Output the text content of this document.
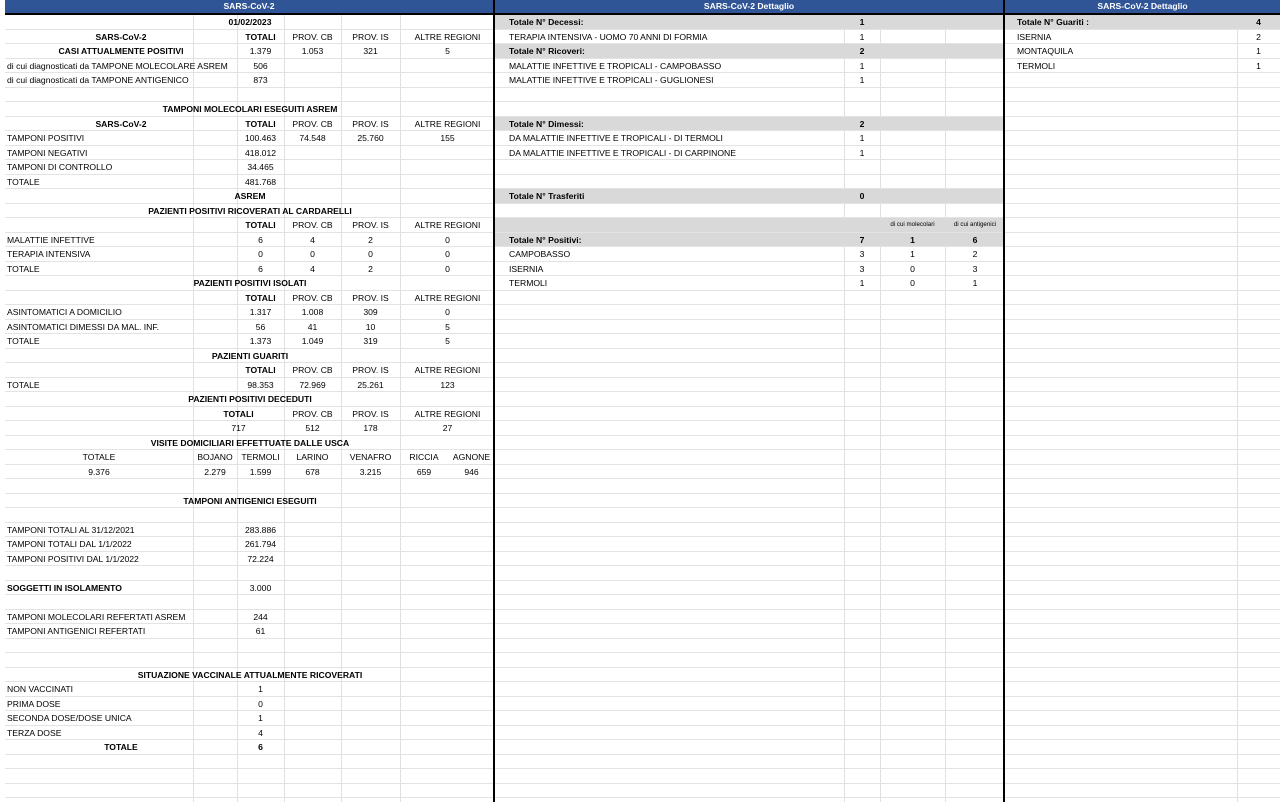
SARS-CoV-2
01/02/2023
SARS-CoV-2	TOTALI	PROV. CB	PROV. IS	ALTRE REGIONI
CASI ATTUALMENTE POSITIVI	1.379	1.053	321	5
di cui diagnosticati da TAMPONE MOLECOLARE ASREM	506
di cui diagnosticati da TAMPONE ANTIGENICO	873
TAMPONI MOLECOLARI ESEGUITI ASREM
SARS-CoV-2	TOTALI	PROV. CB	PROV. IS	ALTRE REGIONI
TAMPONI POSITIVI	100.463	74.548	25.760	155
TAMPONI NEGATIVI	418.012
TAMPONI DI CONTROLLO	34.465
TOTALE	481.768
ASREM
PAZIENTI POSITIVI RICOVERATI AL CARDARELLI
TOTALI	PROV. CB	PROV. IS	ALTRE REGIONI
MALATTIE INFETTIVE	6	4	2	0
TERAPIA INTENSIVA	0	0	0	0
TOTALE	6	4	2	0
PAZIENTI POSITIVI ISOLATI
TOTALI	PROV. CB	PROV. IS	ALTRE REGIONI
ASINTOMATICI A DOMICILIO	1.317	1.008	309	0
ASINTOMATICI DIMESSI DA MAL. INF.	56	41	10	5
TOTALE	1.373	1.049	319	5
PAZIENTI GUARITI
TOTALI	PROV. CB	PROV. IS	ALTRE REGIONI
TOTALE	98.353	72.969	25.261	123
PAZIENTI POSITIVI DECEDUTI
TOTALI	PROV. CB	PROV. IS	ALTRE REGIONI
717	512	178	27
VISITE DOMICILIARI EFFETTUATE DALLE USCA
TOTALE	BOJANO	TERMOLI	LARINO	VENAFRO	RICCIA	AGNONE
9.376	2.279	1.599	678	3.215	659	946
TAMPONI ANTIGENICI ESEGUITI
TAMPONI TOTALI AL 31/12/2021	283.886
TAMPONI TOTALI DAL 1/1/2022	261.794
TAMPONI POSITIVI DAL 1/1/2022	72.224
SOGGETTI IN ISOLAMENTO	3.000
TAMPONI MOLECOLARI REFERTATI ASREM	244
TAMPONI ANTIGENICI REFERTATI	61
SITUAZIONE VACCINALE ATTUALMENTE RICOVERATI
NON VACCINATI	1
PRIMA DOSE	0
SECONDA DOSE/DOSE UNICA	1
TERZA DOSE	4
TOTALE	6
SARS-CoV-2 Dettaglio
Totale N° Decessi:	1
TERAPIA INTENSIVA - UOMO 70 ANNI DI FORMIA	1
Totale N° Ricoveri:	2
MALATTIE INFETTIVE E TROPICALI - CAMPOBASSO	1
MALATTIE INFETTIVE E TROPICALI - GUGLIONESI	1
Totale N° Dimessi:	2
DA MALATTIE INFETTIVE E TROPICALI - DI TERMOLI	1
DA MALATTIE INFETTIVE E TROPICALI - DI CARPINONE	1
Totale N° Trasferiti	0
di cui molecolari	di cui antigenici
Totale N° Positivi:	7	1	6
CAMPOBASSO	3	1	2
ISERNIA	3	0	3
TERMOLI	1	0	1
SARS-CoV-2 Dettaglio
Totale N° Guariti :	4
ISERNIA	2
MONTAQUILA	1
TERMOLI	1
